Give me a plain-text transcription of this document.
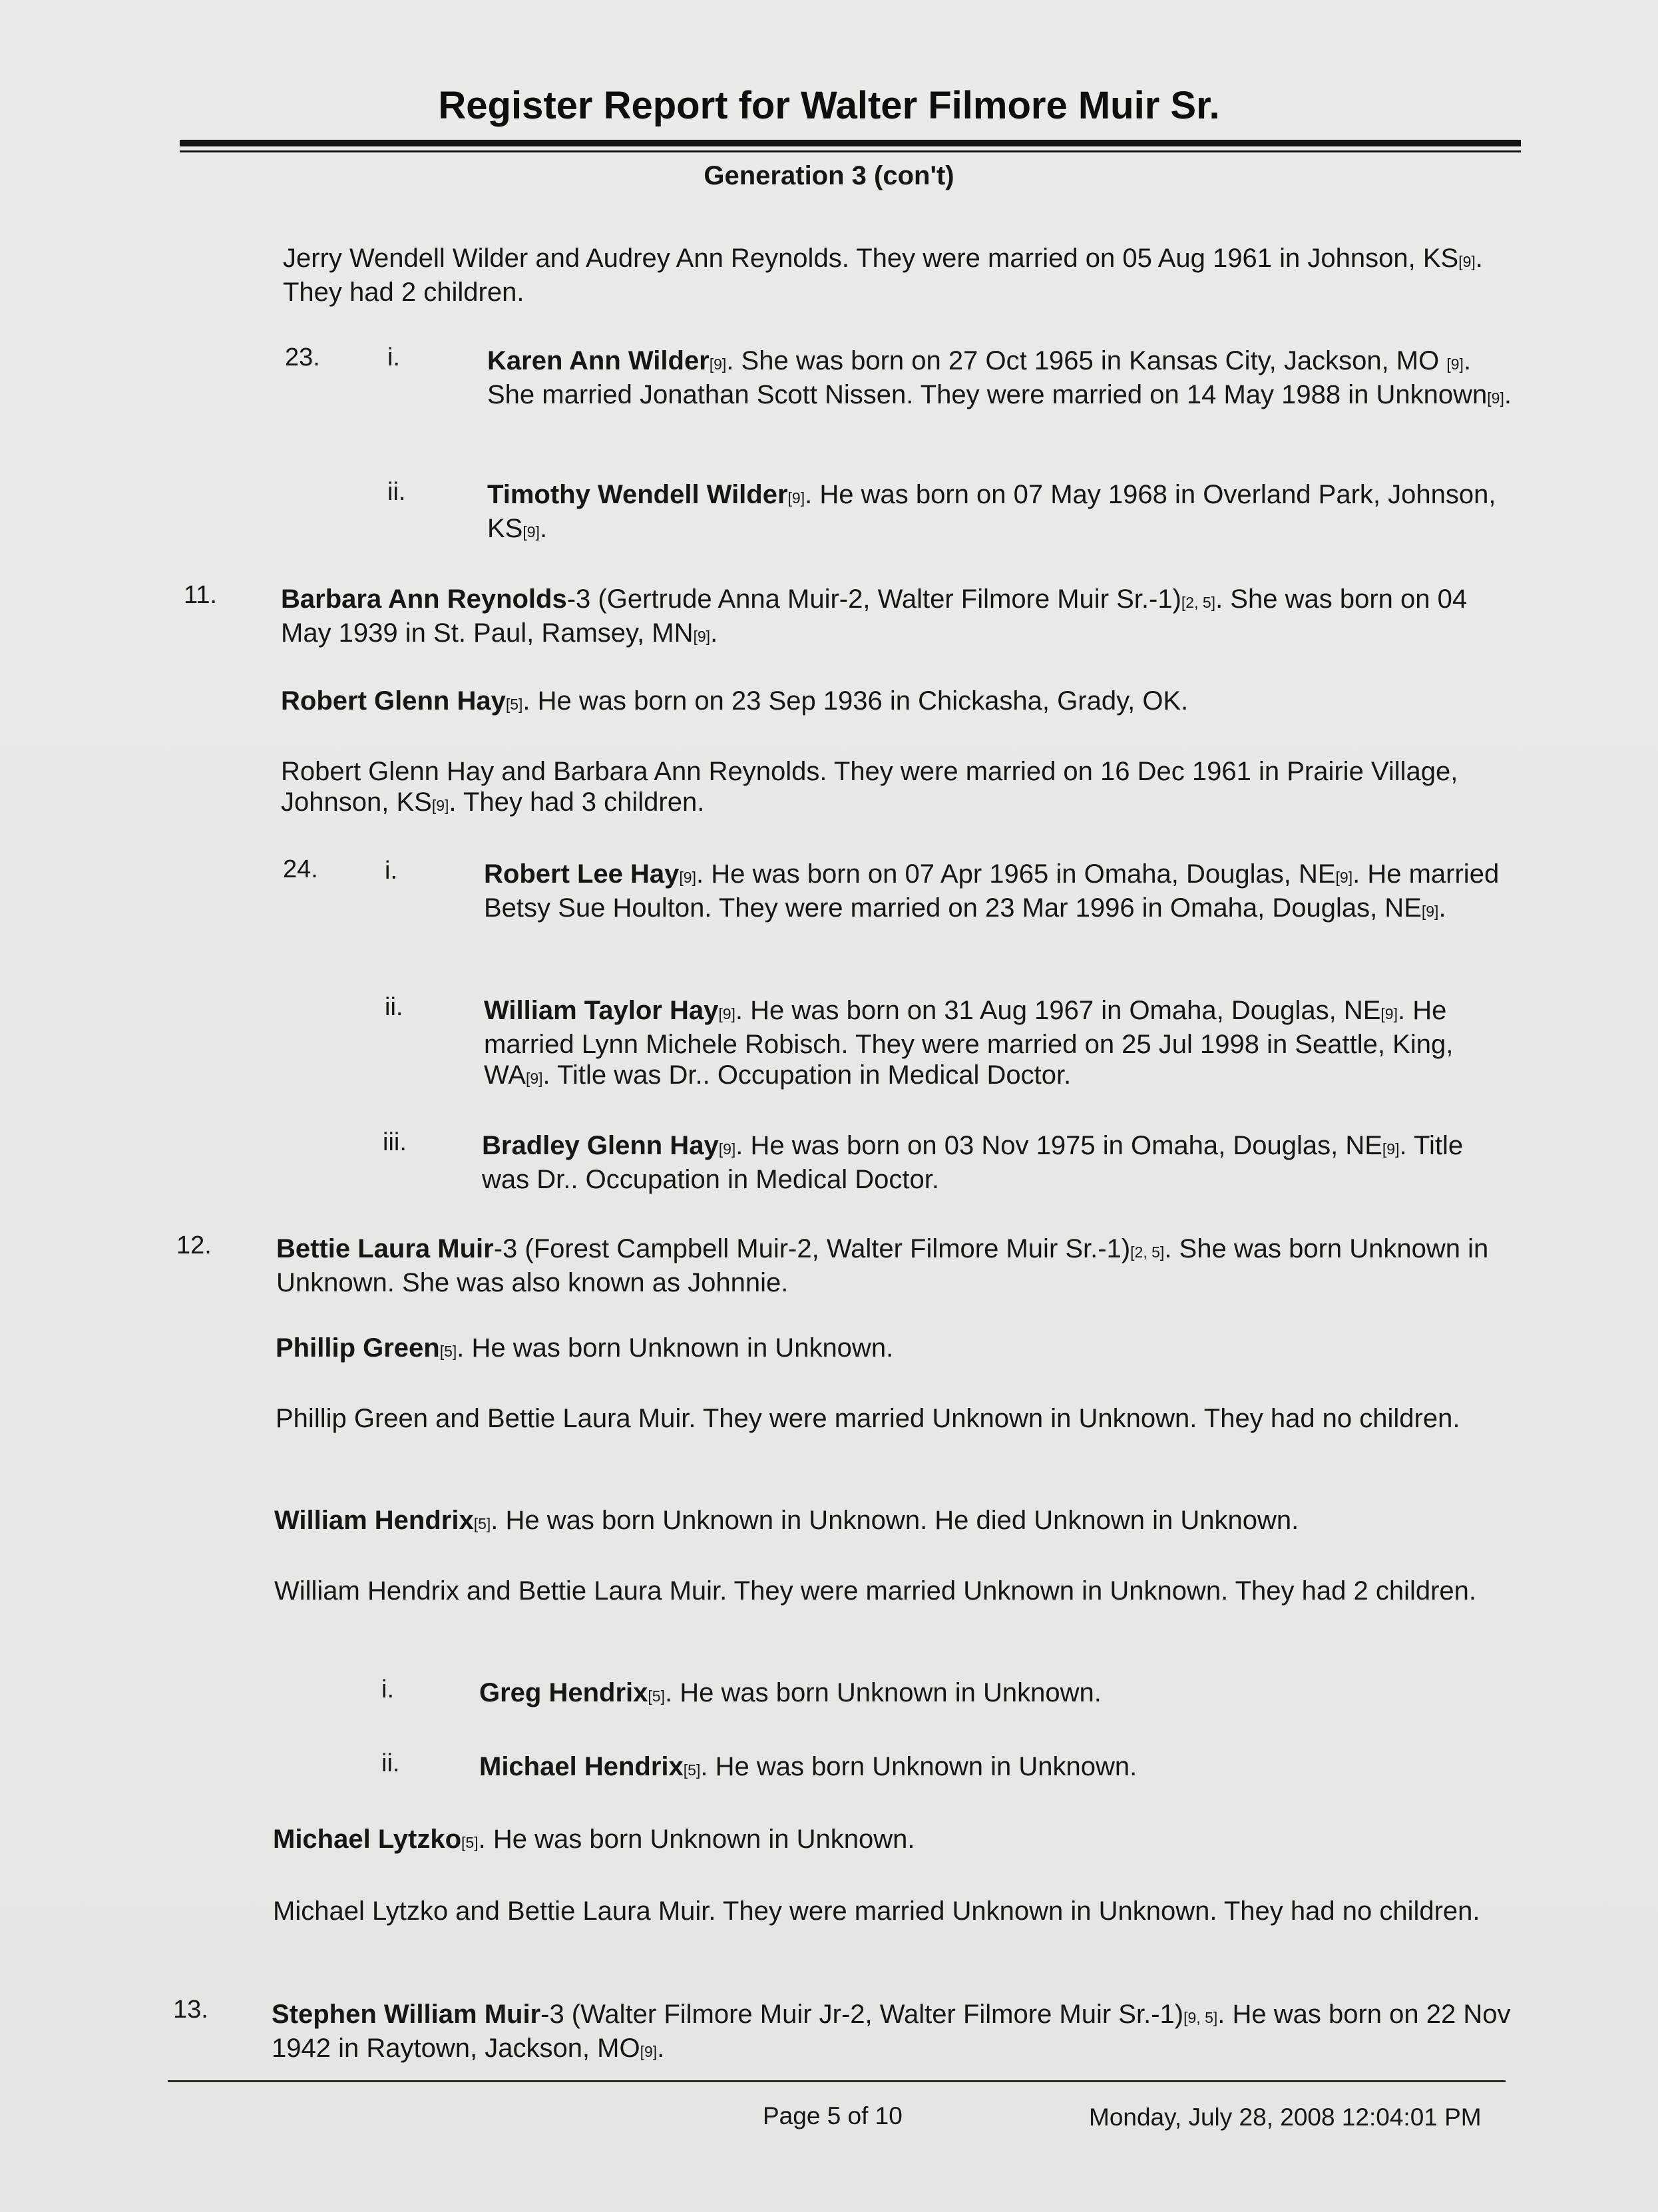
Register Report for Walter Filmore Muir Sr.
Generation 3 (con't)

Jerry Wendell Wilder and Audrey Ann Reynolds. They were married on 05 Aug 1961 in Johnson, KS[9]. They had 2 children.

23.	i.	Karen Ann Wilder[9]. She was born on 27 Oct 1965 in Kansas City, Jackson, MO [9]. She married Jonathan Scott Nissen. They were married on 14 May 1988 in Unknown[9].

ii.	Timothy Wendell Wilder[9]. He was born on 07 May 1968 in Overland Park, Johnson, KS[9].

11. Barbara Ann Reynolds-3 (Gertrude Anna Muir-2, Walter Filmore Muir Sr.-1)[2, 5]. She was born on 04 May 1939 in St. Paul, Ramsey, MN[9].

Robert Glenn Hay[5]. He was born on 23 Sep 1936 in Chickasha, Grady, OK.

Robert Glenn Hay and Barbara Ann Reynolds. They were married on 16 Dec 1961 in Prairie Village, Johnson, KS[9]. They had 3 children.

24.	i.	Robert Lee Hay[9]. He was born on 07 Apr 1965 in Omaha, Douglas, NE[9]. He married Betsy Sue Houlton. They were married on 23 Mar 1996 in Omaha, Douglas, NE[9].

ii.	William Taylor Hay[9]. He was born on 31 Aug 1967 in Omaha, Douglas, NE[9]. He married Lynn Michele Robisch. They were married on 25 Jul 1998 in Seattle, King, WA[9]. Title was Dr.. Occupation in Medical Doctor.

iii.	Bradley Glenn Hay[9]. He was born on 03 Nov 1975 in Omaha, Douglas, NE[9]. Title was Dr.. Occupation in Medical Doctor.

12. Bettie Laura Muir-3 (Forest Campbell Muir-2, Walter Filmore Muir Sr.-1)[2, 5]. She was born Unknown in Unknown. She was also known as Johnnie.

Phillip Green[5]. He was born Unknown in Unknown.

Phillip Green and Bettie Laura Muir. They were married Unknown in Unknown. They had no children.

William Hendrix[5]. He was born Unknown in Unknown. He died Unknown in Unknown.

William Hendrix and Bettie Laura Muir. They were married Unknown in Unknown. They had 2 children.

i.	Greg Hendrix[5]. He was born Unknown in Unknown.

ii.	Michael Hendrix[5]. He was born Unknown in Unknown.

Michael Lytzko[5]. He was born Unknown in Unknown.

Michael Lytzko and Bettie Laura Muir. They were married Unknown in Unknown. They had no children.

13. Stephen William Muir-3 (Walter Filmore Muir Jr-2, Walter Filmore Muir Sr.-1)[9, 5]. He was born on 22 Nov 1942 in Raytown, Jackson, MO[9].

Page 5 of 10	Monday, July 28, 2008 12:04:01 PM
